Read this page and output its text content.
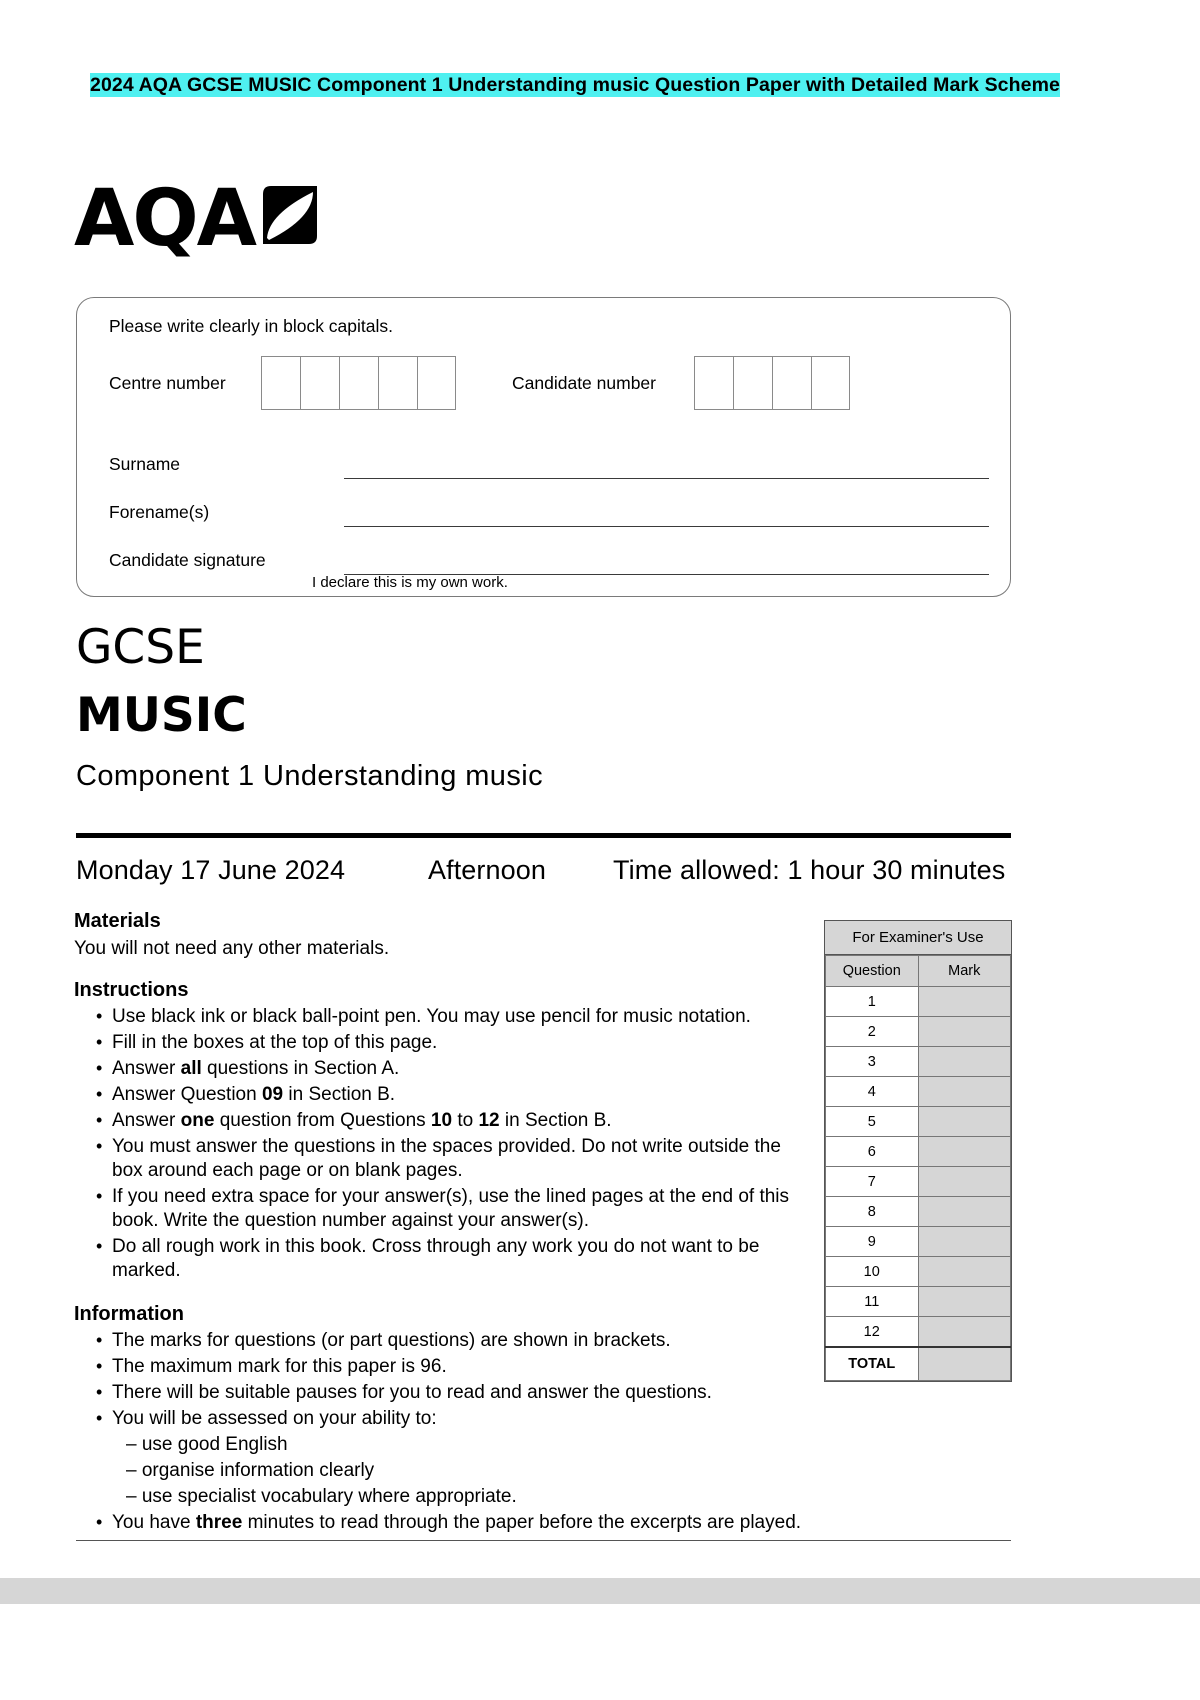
2024 AQA GCSE MUSIC Component 1 Understanding music Question Paper with Detailed Mark Scheme
AQA
Please write clearly in block capitals.
Centre number	Candidate number
Surname
Forename(s)
Candidate signature
I declare this is my own work.
GCSE
MUSIC
Component 1 Understanding music
Monday 17 June 2024	Afternoon	Time allowed: 1 hour 30 minutes
Materials
You will not need any other materials.
Instructions
• Use black ink or black ball-point pen. You may use pencil for music notation.
• Fill in the boxes at the top of this page.
• Answer all questions in Section A.
• Answer Question 09 in Section B.
• Answer one question from Questions 10 to 12 in Section B.
• You must answer the questions in the spaces provided. Do not write outside the box around each page or on blank pages.
• If you need extra space for your answer(s), use the lined pages at the end of this book. Write the question number against your answer(s).
• Do all rough work in this book. Cross through any work you do not want to be marked.
Information
• The marks for questions (or part questions) are shown in brackets.
• The maximum mark for this paper is 96.
• There will be suitable pauses for you to read and answer the questions.
• You will be assessed on your ability to:
– use good English
– organise information clearly
– use specialist vocabulary where appropriate.
• You have three minutes to read through the paper before the excerpts are played.
For Examiner's Use
Question	Mark
1	
2	
3	
4	
5	
6	
7	
8	
9	
10	
11	
12	
TOTAL	
